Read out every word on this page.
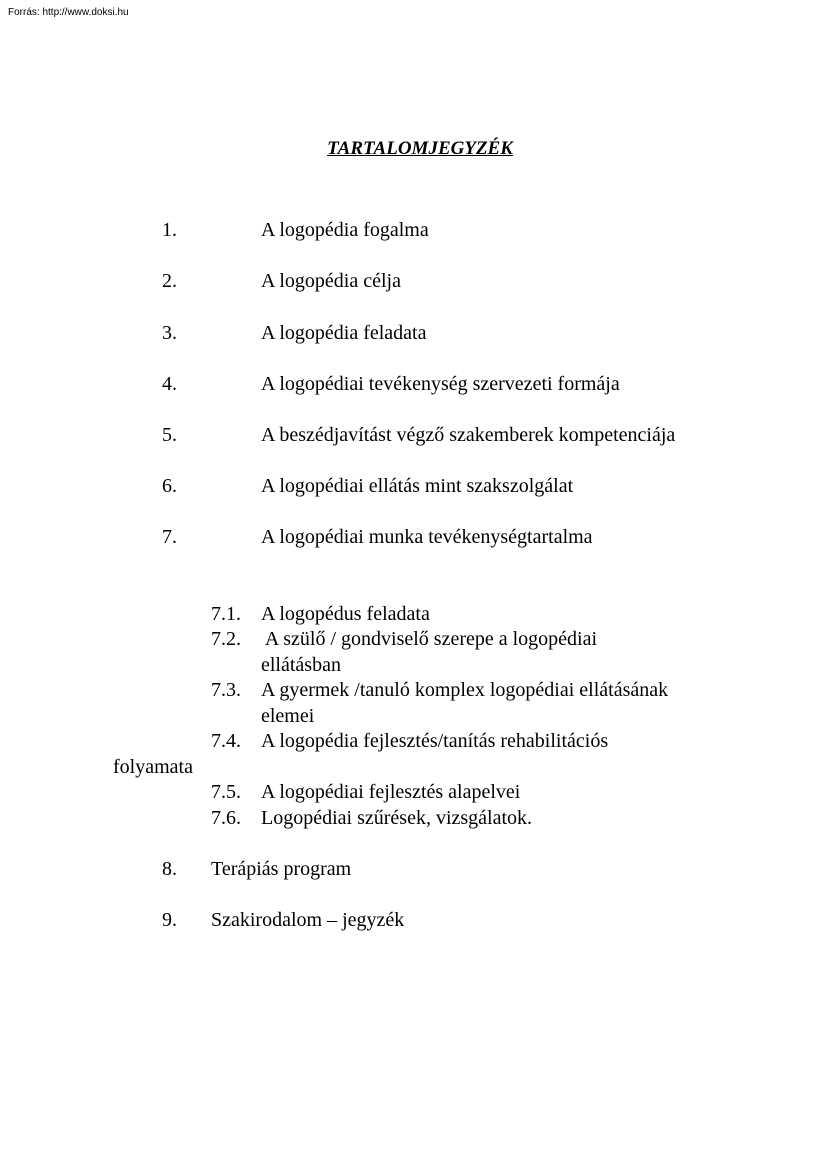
Forrás: http://www.doksi.hu
TARTALOMJEGYZÉK
1.	A logopédia fogalma
2.	A logopédia célja
3.	A logopédia feladata
4.	A logopédiai tevékenység szervezeti formája
5.	A beszédjavítást végző szakemberek kompetenciája
6.	A logopédiai ellátás mint szakszolgálat
7.	A logopédiai munka tevékenységtartalma
7.1. A logopédus feladata
7.2. A szülő / gondviselő szerepe a logopédiai
ellátásban
7.3. A gyermek /tanuló komplex logopédiai ellátásának
elemei
7.4. A logopédia fejlesztés/tanítás rehabilitációs
folyamata
7.5. A logopédiai fejlesztés alapelvei
7.6. Logopédiai szűrések, vizsgálatok.
8. Terápiás program
9. Szakirodalom – jegyzék
